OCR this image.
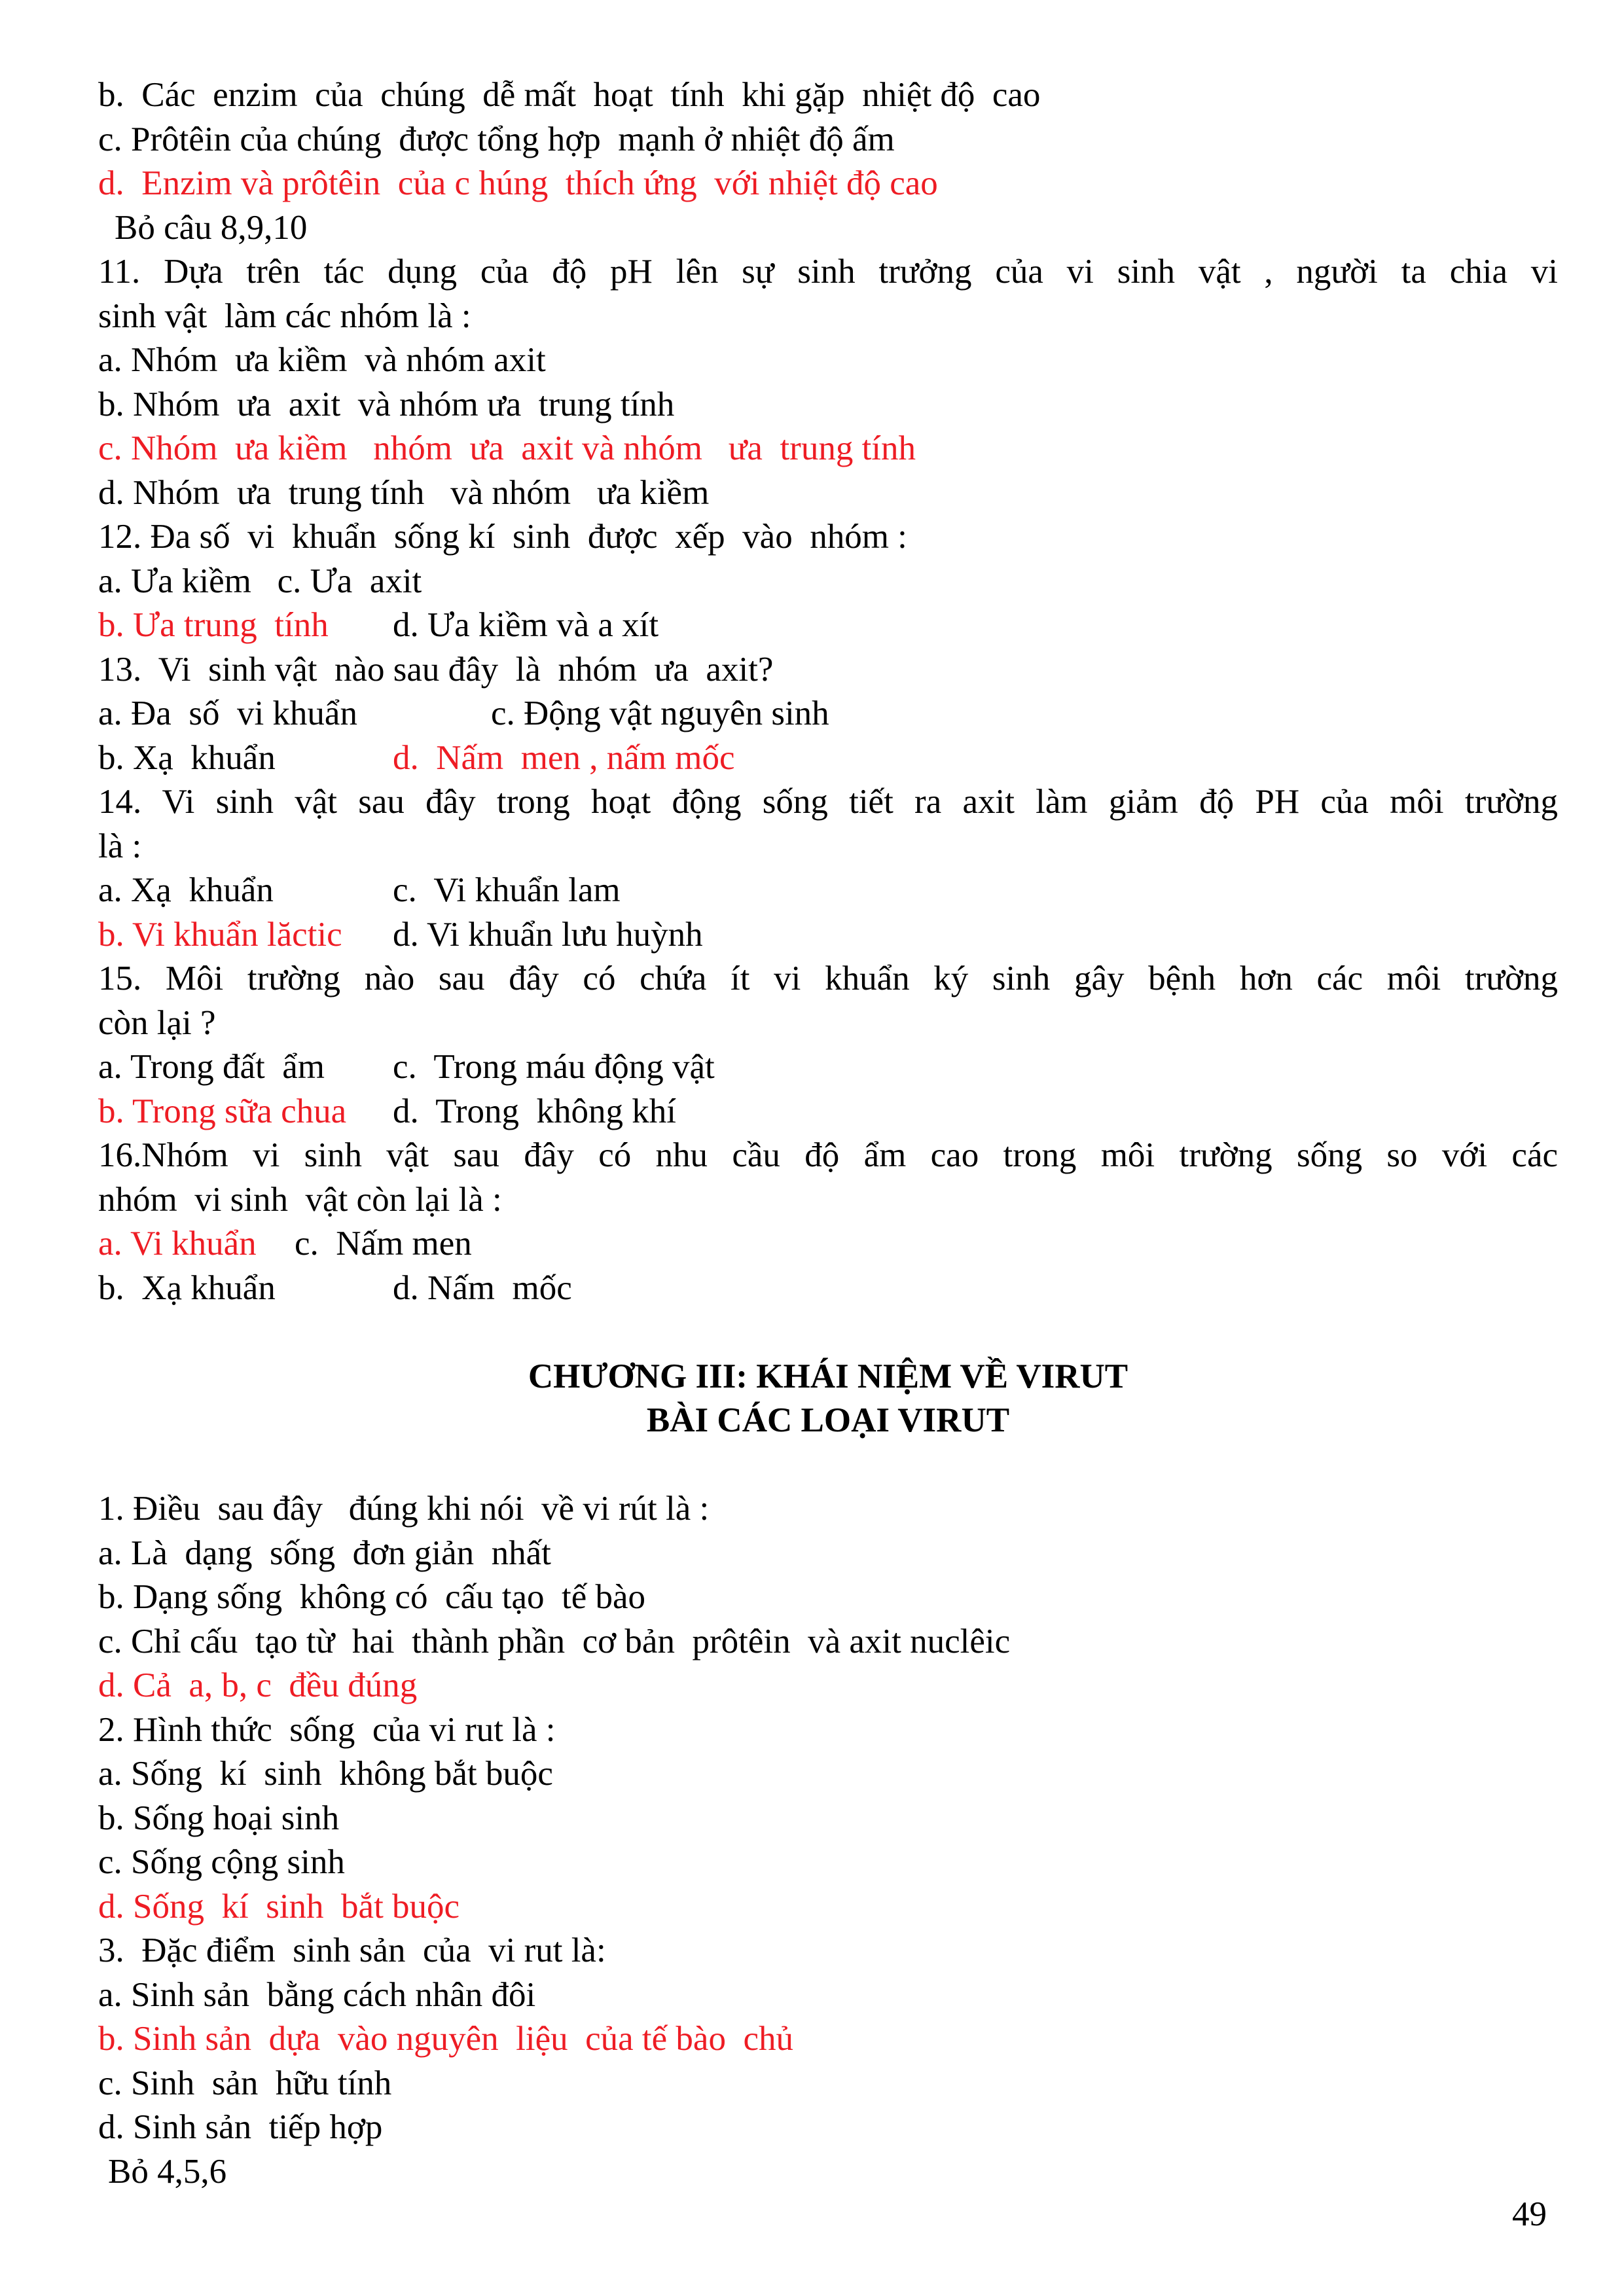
b.  Các  enzim  của  chúng  dễ mất  hoạt  tính  khi gặp  nhiệt độ  cao
c. Prôtêin của chúng  được tổng hợp  mạnh ở nhiệt độ ấm
d.  Enzim và prôtêin  của c húng  thích ứng  với nhiệt độ cao
Bỏ câu 8,9,10
11. Dựa trên tác dụng của độ pH lên sự sinh trưởng của vi sinh vật , người ta chia vi
sinh vật  làm các nhóm là :
a. Nhóm  ưa kiềm  và nhóm axit
b. Nhóm  ưa  axit  và nhóm ưa  trung tính
c. Nhóm  ưa kiềm   nhóm  ưa  axit và nhóm   ưa  trung tính
d. Nhóm  ưa  trung tính   và nhóm   ưa kiềm
12. Đa số  vi  khuẩn  sống kí  sinh  được  xếp  vào  nhóm :
a. Ưa kiềm   c. Ưa  axit
b. Ưa trung  tính d. Ưa kiềm và a xít
13.  Vi  sinh vật  nào sau đây  là  nhóm  ưa  axit?
a. Đa  số  vi khuẩn	c. Động vật nguyên sinh
b. Xạ  khuẩn	d.  Nấm  men , nấm mốc
14. Vi sinh vật sau đây trong hoạt động sống tiết ra axit làm giảm độ PH của môi trường
là :
a. Xạ  khuẩn	c.  Vi khuẩn lam
b. Vi khuẩn lăctic d. Vi khuẩn lưu huỳnh
15. Môi trường nào sau đây có chứa ít vi khuẩn ký sinh gây bệnh hơn các môi trường
còn lại ?
a. Trong đất  ẩm c.  Trong máu động vật
b. Trong sữa chua d.  Trong  không khí
16.Nhóm vi sinh vật sau đây có nhu cầu độ ẩm cao trong môi trường sống so với các
nhóm  vi sinh  vật còn lại là :
a. Vi khuẩn c.  Nấm men
b.  Xạ khuẩn	d. Nấm  mốc
CHƯƠNG III: KHÁI NIỆM VỀ VIRUT
BÀI CÁC LOẠI VIRUT
1. Điều  sau đây   đúng khi nói  về vi rút là :
a. Là  dạng  sống  đơn giản  nhất
b. Dạng sống  không có  cấu tạo  tế bào
c. Chỉ cấu  tạo từ  hai  thành phần  cơ bản  prôtêin  và axit nuclêic
d. Cả  a, b, c  đều đúng
2. Hình thức  sống  của vi rut là :
a. Sống  kí  sinh  không bắt buộc
b. Sống hoại sinh
c. Sống cộng sinh
d. Sống  kí  sinh  bắt buộc
3.  Đặc điểm  sinh sản  của  vi rut là:
a. Sinh sản  bằng cách nhân đôi
b. Sinh sản  dựa  vào nguyên  liệu  của tế bào  chủ
c. Sinh  sản  hữu tính
d. Sinh sản  tiếp hợp
Bỏ 4,5,6
49
